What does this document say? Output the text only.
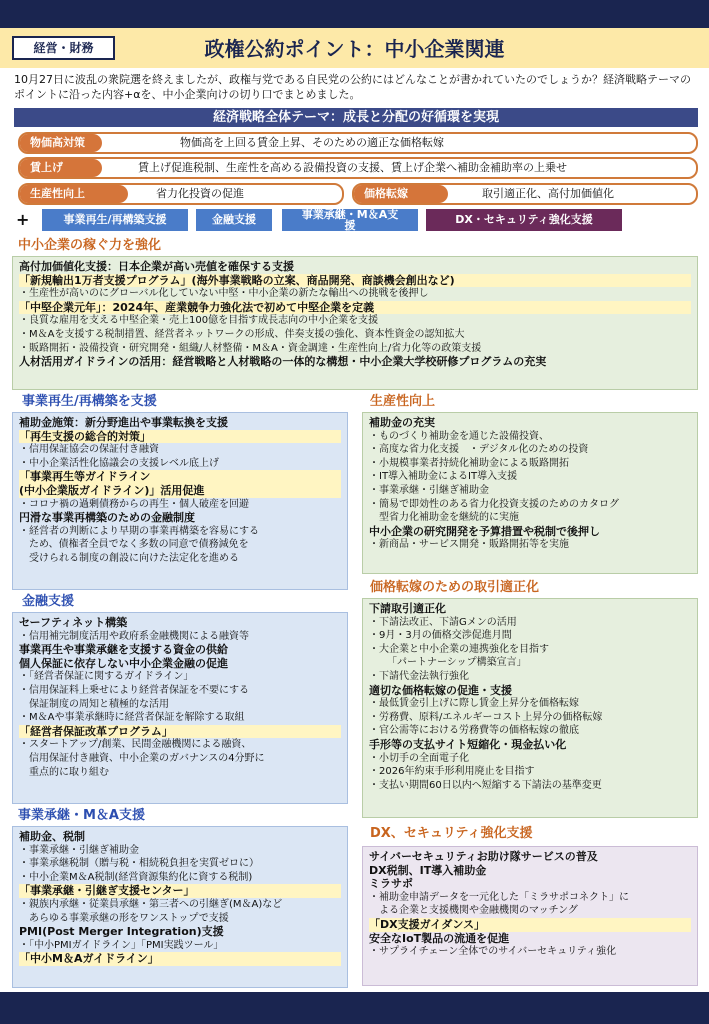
経営・財務	政権公約ポイント：中小企業関連
10月27日に波乱の衆院選を終えましたが、政権与党である自民党の公約にはどんなことが書かれていたのでしょうか？経済戦略テーマのポイントに沿った内容+αを、中小企業向けの切り口でまとめました。
経済戦略全体テーマ：成長と分配の好循環を実現
物価高対策	物価高を上回る賃金上昇、そのための適正な価格転嫁
賃上げ	賃上げ促進税制、生産性を高める設備投資の支援、賃上げ企業へ補助金補助率の上乗せ
生産性向上	省力化投資の促進	価格転嫁	取引適正化、高付加価値化
+	事業再生/再構築支援	金融支援	事業承継・M＆A支
援	DX・セキュリティ強化支援
中小企業の稼ぐ力を強化
高付加価値化支援：日本企業が高い売値を確保する支援
「新規輸出1万者支援プログラム」(海外事業戦略の立案、商品開発、商談機会創出など)
・生産性が高いのにグローバル化していない中堅・中小企業の新たな輸出への挑戦を後押し
「中堅企業元年」：2024年、産業競争力強化法で初めて中堅企業を定義
・良質な雇用を支える中堅企業・売上100億を目指す成長志向の中小企業を支援
・M＆Aを支援する税制措置、経営者ネットワークの形成、伴奏支援の強化、資本性資金の認知拡大
・販路開拓・設備投資・研究開発・組織/人材整備・M＆A・資金調達・生産性向上/省力化等の政策支援
人材活用ガイドラインの活用：経営戦略と人材戦略の一体的な構想・中小企業大学校研修プログラムの充実
事業再生/再構築を支援
補助金施策：新分野進出や事業転換を支援
「再生支援の総合的対策」
・信用保証協会の保証付き融資
・中小企業活性化協議会の支援レベル底上げ
「事業再生等ガイドライン
(中小企業版ガイドライン)」活用促進
・コロナ禍の過剰債務からの再生・個人破産を回避
円滑な事業再構築のための金融制度
・経営者の判断により早期の事業再構築を容易にする
ため、債権者全員でなく多数の同意で債務減免を
受けられる制度の創設に向けた法定化を進める
金融支援
セーフティネット構築
・信用補完制度活用や政府系金融機関による融資等
事業再生や事業承継を支援する資金の供給
個人保証に依存しない中小企業金融の促進
・「経営者保証に関するガイドライン」
・信用保証料上乗せにより経営者保証を不要にする
保証制度の周知と積極的な活用
・M＆Aや事業承継時に経営者保証を解除する取組
「経営者保証改革プログラム」
・スタートアップ/創業、民間金融機関による融資、
信用保証付き融資、中小企業のガバナンスの4分野に
重点的に取り組む
事業承継・M＆A支援
補助金、税制
・事業承継・引継ぎ補助金
・事業承継税制（贈与税・相続税負担を実質ゼロに）
・中小企業M＆A税制(経営資源集約化に資する税制)
「事業承継・引継ぎ支援センター」
・親族内承継・従業員承継・第三者への引継ぎ(M＆A)など
あらゆる事業承継の形をワンストップで支援
PMI(Post Merger Integration)支援
・「中小PMIガイドライン」「PMI実践ツール」
「中小M＆Aガイドライン」
生産性向上
補助金の充実
・ものづくり補助金を通じた設備投資、
・高度な省力化支援　・デジタル化のための投資
・小規模事業者持続化補助金による販路開拓
・IT導入補助金によるIT導入支援
・事業承継・引継ぎ補助金
・簡易で即効性のある省力化投資支援のためのカタログ
型省力化補助金を継続的に実施
中小企業の研究開発を予算措置や税制で後押し
・新商品・サービス開発・販路開拓等を実施
価格転嫁のための取引適正化
下請取引適正化
・下請法改正、下請Gメンの活用
・9月・3月の価格交渉促進月間
・大企業と中小企業の連携強化を目指す
「パートナーシップ構築宣言」
・下請代金法執行強化
適切な価格転嫁の促進・支援
・最低賃金引上げに際し賃金上昇分を価格転嫁
・労務費、原料/エネルギーコスト上昇分の価格転嫁
・官公需等における労務費等の価格転嫁の徹底
手形等の支払サイト短縮化・現金払い化
・小切手の全面電子化
・2026年約束手形利用廃止を目指す
・支払い期間60日以内へ短縮する下請法の基準変更
DX、セキュリティ強化支援
サイバーセキュリティお助け隊サービスの普及
DX税制、IT導入補助金
ミラサポ
・補助金申請データを一元化した「ミラサポコネクト」に
よる企業と支援機関や金融機関のマッチング
「DX支援ガイダンス」
安全なIoT製品の流通を促進
・サプライチェーン全体でのサイバーセキュリティ強化
